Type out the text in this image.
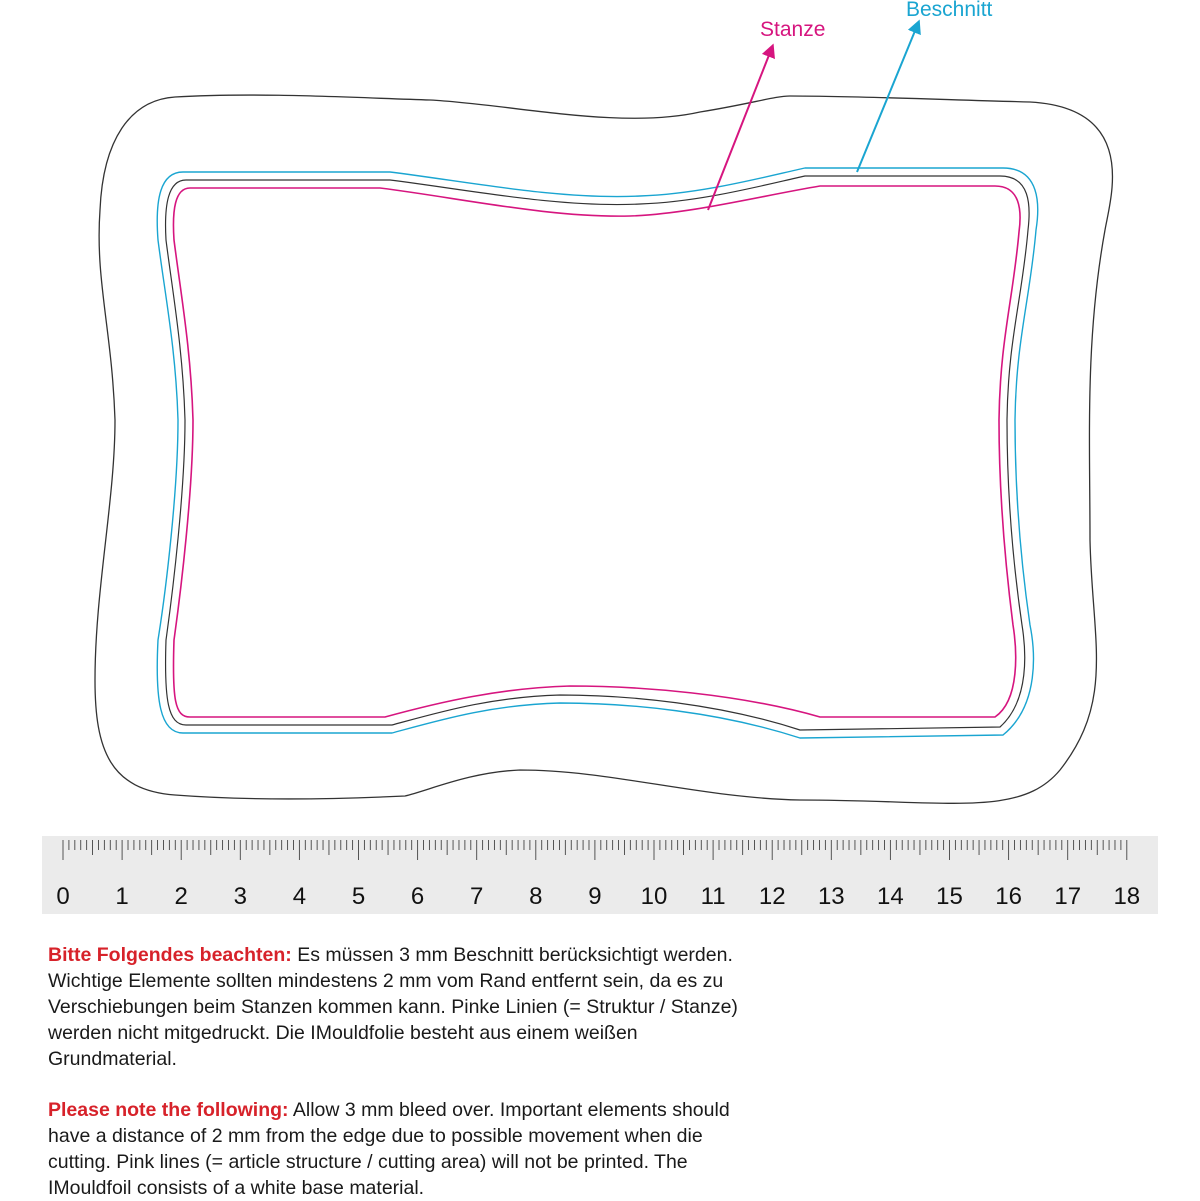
Stanze
Beschnitt
0 1 2 3 4 5 6 7 8 9 10 11 12 13 14 15 16 17 18
Bitte Folgendes beachten: Es müssen 3 mm Beschnitt berücksichtigt werden. Wichtige Elemente sollten mindestens 2 mm vom Rand entfernt sein, da es zu Verschiebungen beim Stanzen kommen kann. Pinke Linien (= Struktur / Stanze) werden nicht mitgedruckt. Die IMouldfolie besteht aus einem weißen Grundmaterial.
Please note the following: Allow 3 mm bleed over. Important elements should have a distance of 2 mm from the edge due to possible movement when die cutting. Pink lines (= article structure / cutting area) will not be printed. The IMouldfoil consists of a white base material.
